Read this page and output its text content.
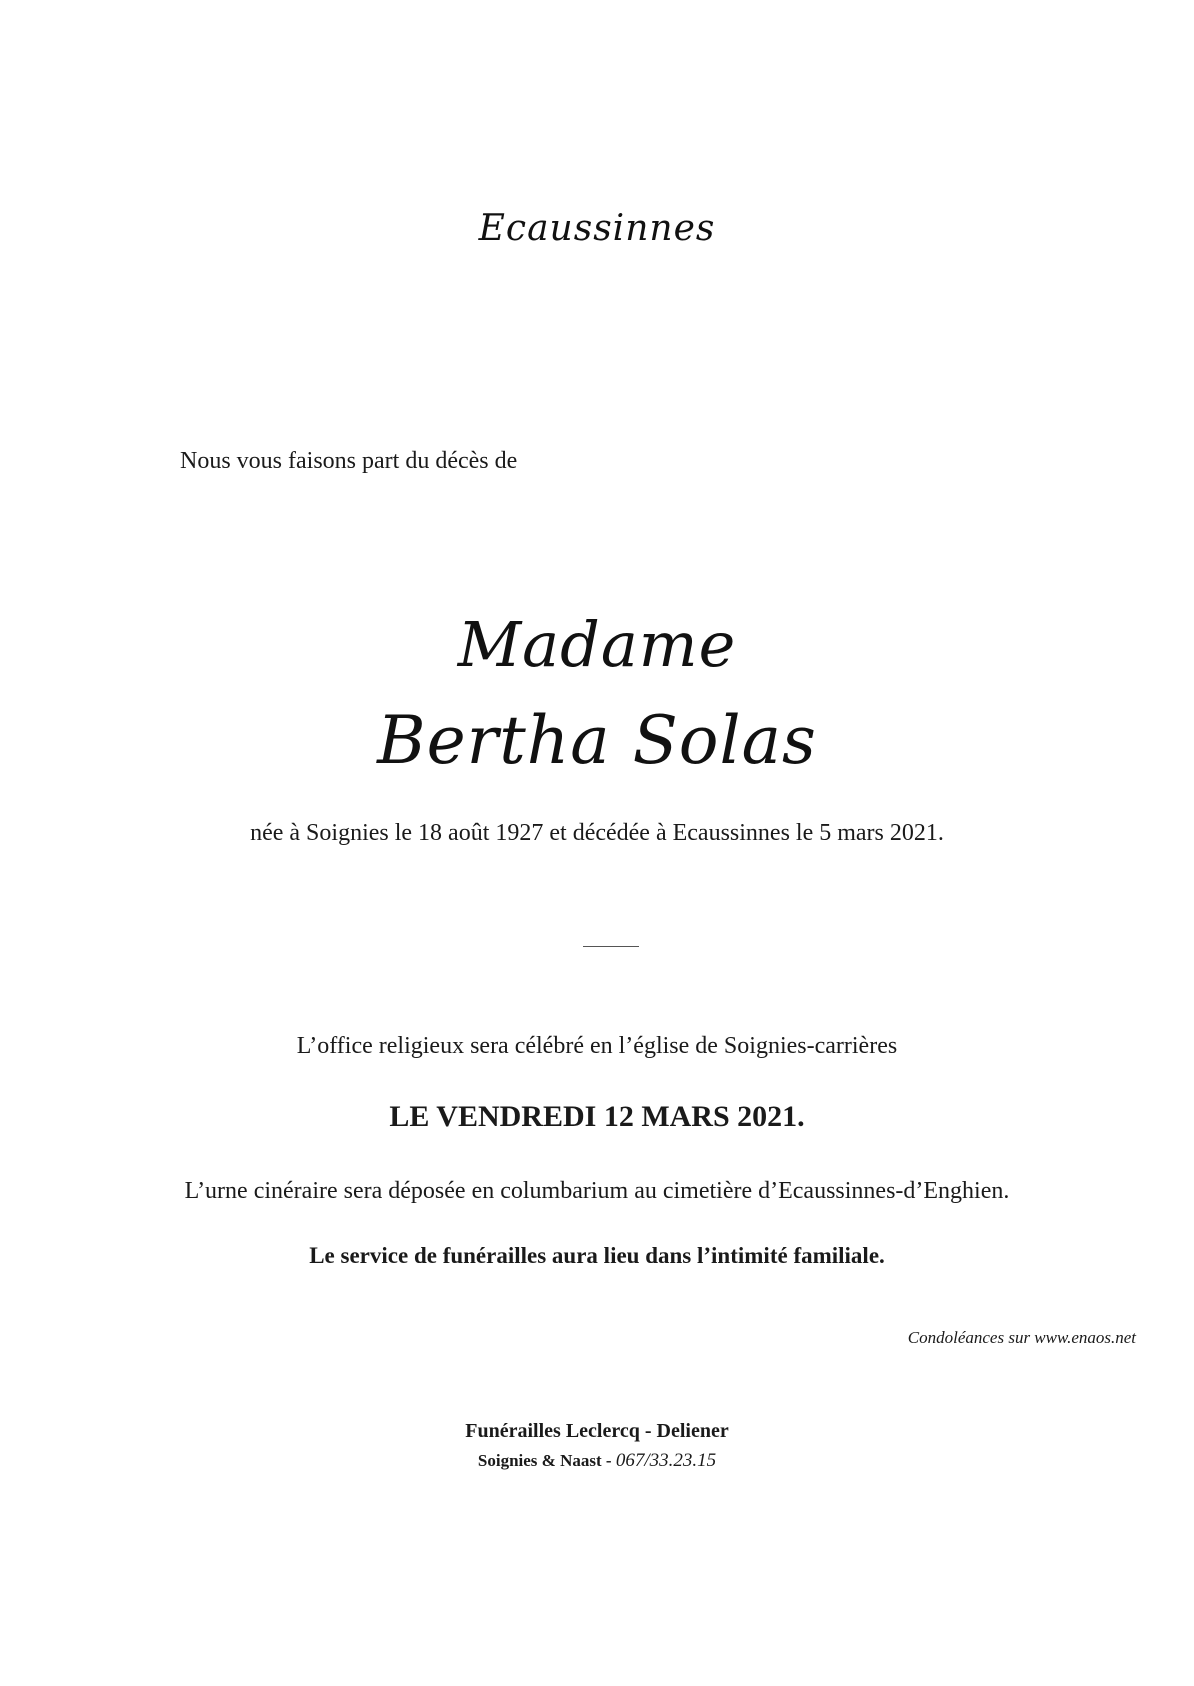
Ecaussinnes
Nous vous faisons part du décès de
Madame
Bertha Solas
née à Soignies le 18 août 1927 et décédée à Ecaussinnes le 5 mars 2021.
L’office religieux sera célébré en l’église de Soignies-carrières
LE VENDREDI 12 MARS 2021.
L’urne cinéraire sera déposée en columbarium au cimetière d’Ecaussinnes-d’Enghien.
Le service de funérailles aura lieu dans l’intimité familiale.
Condoléances sur www.enaos.net
Funérailles Leclercq - Deliener
Soignies & Naast - 067/33.23.15
